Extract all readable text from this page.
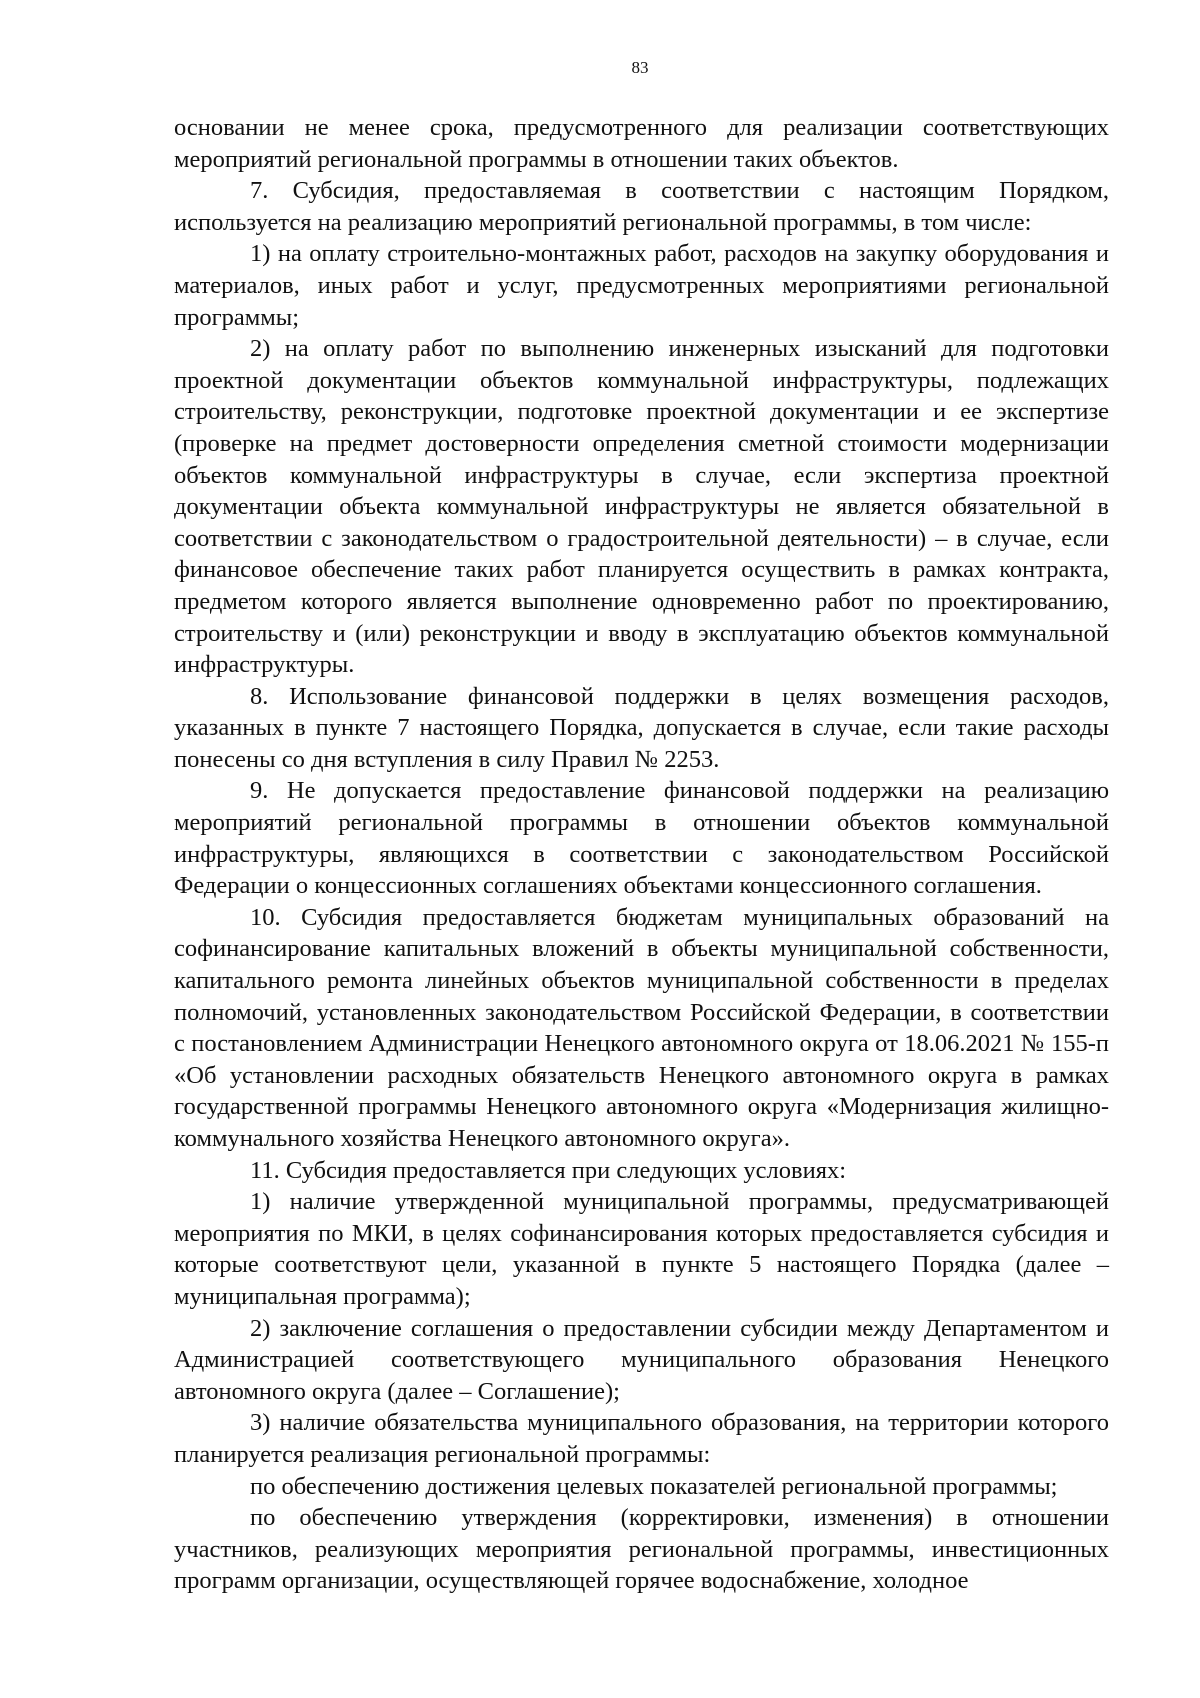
83

основании не менее срока, предусмотренного для реализации соответствующих мероприятий региональной программы в отношении таких объектов.

7. Субсидия, предоставляемая в соответствии с настоящим Порядком, используется на реализацию мероприятий региональной программы, в том числе:

1) на оплату строительно-монтажных работ, расходов на закупку оборудования и материалов, иных работ и услуг, предусмотренных мероприятиями региональной программы;

2) на оплату работ по выполнению инженерных изысканий для подготовки проектной документации объектов коммунальной инфраструктуры, подлежащих строительству, реконструкции, подготовке проектной документации и ее экспертизе (проверке на предмет достоверности определения сметной стоимости модернизации объектов коммунальной инфраструктуры в случае, если экспертиза проектной документации объекта коммунальной инфраструктуры не является обязательной в соответствии с законодательством о градостроительной деятельности) – в случае, если финансовое обеспечение таких работ планируется осуществить в рамках контракта, предметом которого является выполнение одновременно работ по проектированию, строительству и (или) реконструкции и вводу в эксплуатацию объектов коммунальной инфраструктуры.

8. Использование финансовой поддержки в целях возмещения расходов, указанных в пункте 7 настоящего Порядка, допускается в случае, если такие расходы понесены со дня вступления в силу Правил № 2253.

9. Не допускается предоставление финансовой поддержки на реализацию мероприятий региональной программы в отношении объектов коммунальной инфраструктуры, являющихся в соответствии с законодательством Российской Федерации о концессионных соглашениях объектами концессионного соглашения.

10. Субсидия предоставляется бюджетам муниципальных образований на софинансирование капитальных вложений в объекты муниципальной собственности, капитального ремонта линейных объектов муниципальной собственности в пределах полномочий, установленных законодательством Российской Федерации, в соответствии с постановлением Администрации Ненецкого автономного округа от 18.06.2021 № 155-п «Об установлении расходных обязательств Ненецкого автономного округа в рамках государственной программы Ненецкого автономного округа «Модернизация жилищно-коммунального хозяйства Ненецкого автономного округа».

11. Субсидия предоставляется при следующих условиях:

1) наличие утвержденной муниципальной программы, предусматривающей мероприятия по МКИ, в целях софинансирования которых предоставляется субсидия и которые соответствуют цели, указанной в пункте 5 настоящего Порядка (далее – муниципальная программа);

2) заключение соглашения о предоставлении субсидии между Департаментом и Администрацией соответствующего муниципального образования Ненецкого автономного округа (далее – Соглашение);

3) наличие обязательства муниципального образования, на территории которого планируется реализация региональной программы:

по обеспечению достижения целевых показателей региональной программы;

по обеспечению утверждения (корректировки, изменения) в отношении участников, реализующих мероприятия региональной программы, инвестиционных программ организации, осуществляющей горячее водоснабжение, холодное
